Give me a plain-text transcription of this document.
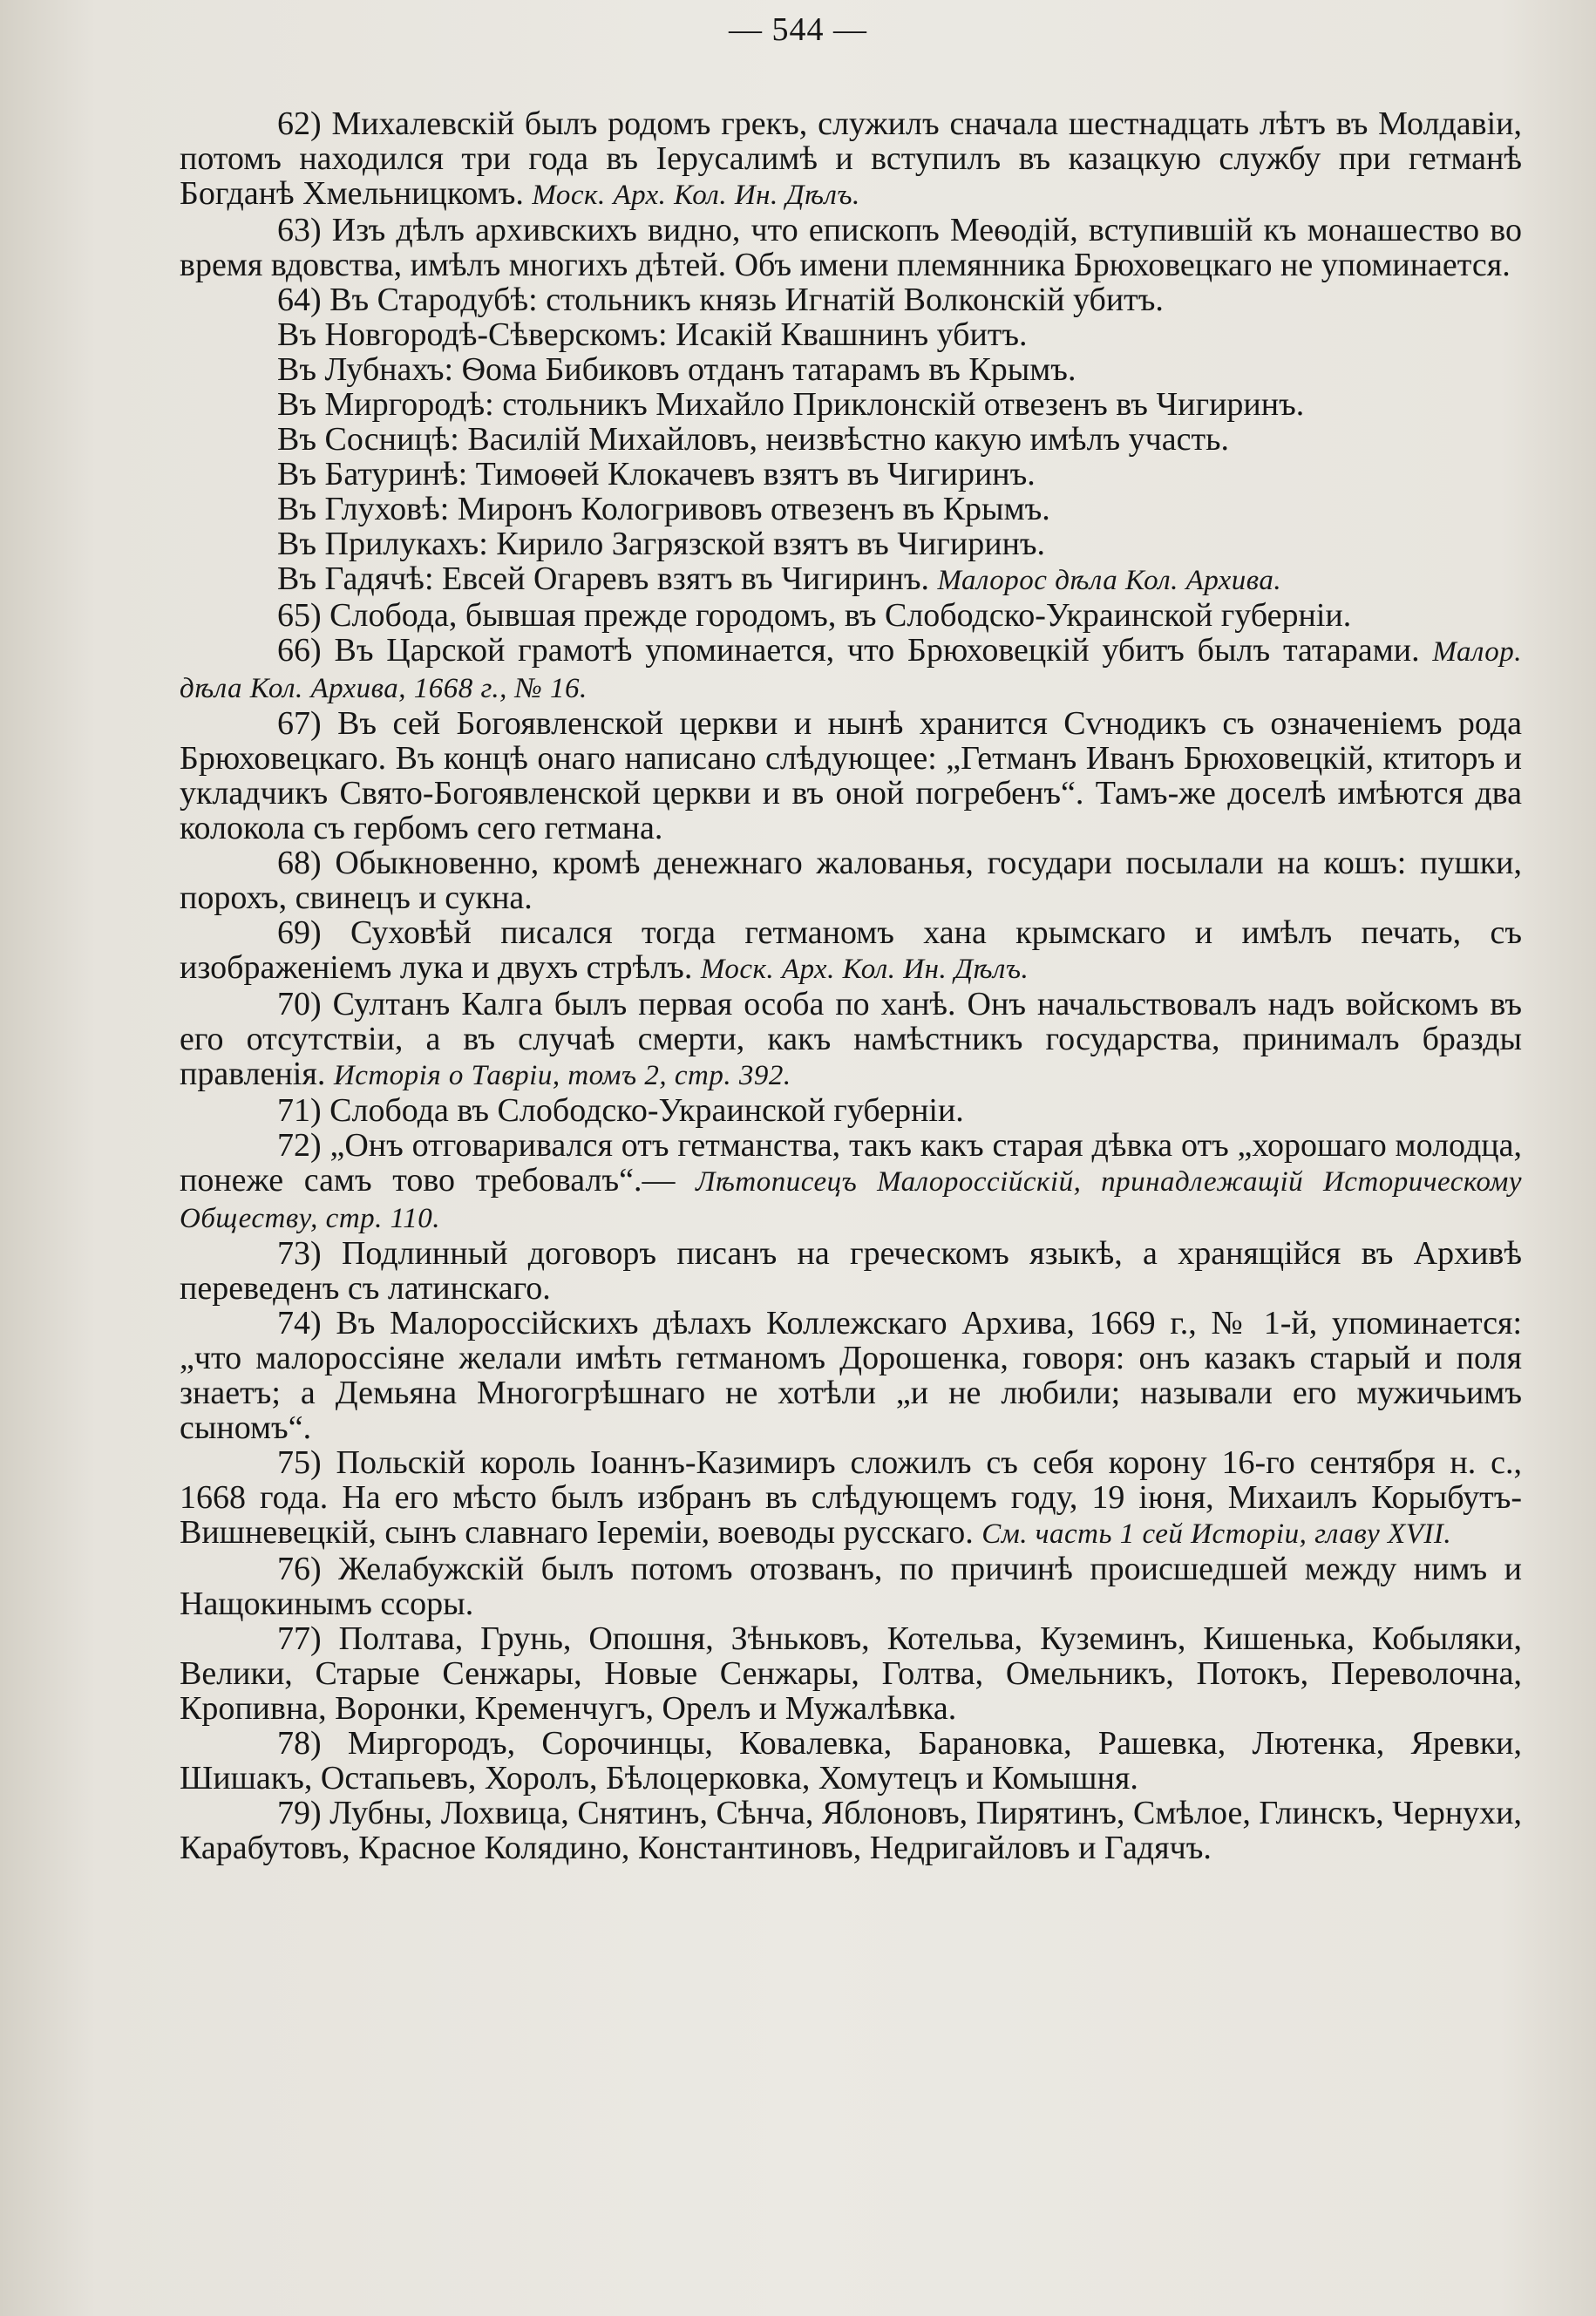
— 544 —

62) Михалевскій былъ родомъ грекъ, служилъ сначала шестнадцать лѣтъ въ Молдавіи, потомъ находился три года въ Іерусалимѣ и вступилъ въ казацкую службу при гетманѣ Богданѣ Хмельницкомъ. Моск. Арх. Кол. Ин. Дѣлъ.

63) Изъ дѣлъ архивскихъ видно, что епископъ Меѳодій, вступившій къ монашество во время вдовства, имѣлъ многихъ дѣтей. Объ имени племянника Брюховецкаго не упоминается.

64) Въ Стародубѣ: стольникъ князь Игнатій Волконскій убитъ.

Въ Новгородѣ-Сѣверскомъ: Исакій Квашнинъ убитъ.

Въ Лубнахъ: Ѳома Бибиковъ отданъ татарамъ въ Крымъ.

Въ Миргородѣ: стольникъ Михайло Приклонскій отвезенъ въ Чигиринъ.

Въ Сосницѣ: Василій Михайловъ, неизвѣстно какую имѣлъ участь.

Въ Батуринѣ: Тимоѳей Клокачевъ взятъ въ Чигиринъ.

Въ Глуховѣ: Миронъ Кологривовъ отвезенъ въ Крымъ.

Въ Прилукахъ: Кирило Загрязской взятъ въ Чигиринъ.

Въ Гадячѣ: Евсей Огаревъ взятъ въ Чигиринъ. Малорос дѣла Кол. Архива.

65) Слобода, бывшая прежде городомъ, въ Слободско-Украинской губерніи.

66) Въ Царской грамотѣ упоминается, что Брюховецкій убитъ былъ татарами. Малор. дѣла Кол. Архива, 1668 г., № 16.

67) Въ сей Богоявленской церкви и нынѣ хранится Сѵнодикъ съ означеніемъ рода Брюховецкаго. Въ концѣ онаго написано слѣдующее: „Гетманъ Иванъ Брюховецкій, ктиторъ и укладчикъ Свято-Богоявленской церкви и въ оной погребенъ“. Тамъ-же доселѣ имѣются два колокола съ гербомъ сего гетмана.

68) Обыкновенно, кромѣ денежнаго жалованья, государи посылали на кошъ: пушки, порохъ, свинецъ и сукна.

69) Суховѣй писался тогда гетманомъ хана крымскаго и имѣлъ печать, съ изображеніемъ лука и двухъ стрѣлъ. Моск. Арх. Кол. Ин. Дѣлъ.

70) Султанъ Калга былъ первая особа по ханѣ. Онъ начальствовалъ надъ войскомъ въ его отсутствіи, а въ случаѣ смерти, какъ намѣстникъ государства, принималъ бразды правленія. Исторія о Тавріи, томъ 2, стр. 392.

71) Слобода въ Слободско-Украинской губерніи.

72) „Онъ отговаривался отъ гетманства, такъ какъ старая дѣвка отъ „хорошаго молодца, понеже самъ тово требовалъ“.— Лѣтописецъ Малороссійскій, принадлежащій Историческому Обществу, стр. 110.

73) Подлинный договоръ писанъ на греческомъ языкѣ, а хранящійся въ Архивѣ переведенъ съ латинскаго.

74) Въ Малороссійскихъ дѣлахъ Коллежскаго Архива, 1669 г., № 1-й, упоминается: „что малороссіяне желали имѣть гетманомъ Дорошенка, говоря: онъ казакъ старый и поля знаетъ; а Демьяна Многогрѣшнаго не хотѣли „и не любили; называли его мужичьимъ сыномъ“.

75) Польскій король Іоаннъ-Казимиръ сложилъ съ себя корону 16-го сентября н. с., 1668 года. На его мѣсто былъ избранъ въ слѣдующемъ году, 19 іюня, Михаилъ Корыбутъ-Вишневецкій, сынъ славнаго Іереміи, воеводы русскаго. См. часть 1 сей Исторіи, главу XVII.

76) Желабужскій былъ потомъ отозванъ, по причинѣ происшедшей между нимъ и Нащокинымъ ссоры.

77) Полтава, Грунь, Опошня, Зѣньковъ, Котельва, Куземинъ, Кишенька, Кобыляки, Велики, Старые Сенжары, Новые Сенжары, Голтва, Омельникъ, Потокъ, Переволочна, Кропивна, Воронки, Кременчугъ, Орелъ и Мужалѣвка.

78) Миргородъ, Сорочинцы, Ковалевка, Барановка, Рашевка, Лютенка, Яревки, Шишакъ, Остапьевъ, Хоролъ, Бѣлоцерковка, Хомутецъ и Комышня.

79) Лубны, Лохвица, Снятинъ, Сѣнча, Яблоновъ, Пирятинъ, Смѣлое, Глинскъ, Чернухи, Карабутовъ, Красное Колядино, Константиновъ, Недригайловъ и Гадячъ.
